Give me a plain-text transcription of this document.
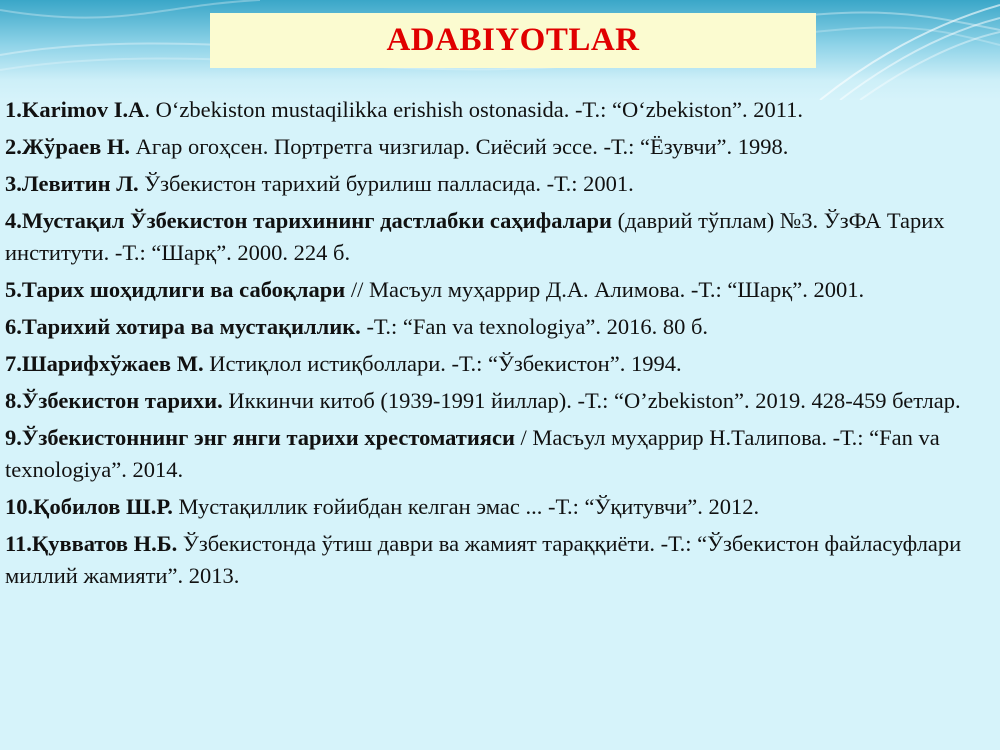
ADABIYOTLAR
1.Karimov I.A. O‘zbekiston mustaqilikka erishish ostonasida. -T.: “O‘zbekiston”. 2011.
2.Жўраев Н. Агар огоҳсен. Портретга чизгилар. Сиёсий эссе. -Т.: “Ёзувчи”. 1998.
3.Левитин Л. Ўзбекистон тарихий бурилиш палласида. -Т.: 2001.
4.Мустақил Ўзбекистон тарихининг дастлабки саҳифалари (даврий тўплам) №3. ЎзФА Тарих институти. -Т.: “Шарқ”. 2000. 224 б.
5.Тарих шоҳидлиги ва сабоқлари // Масъул муҳаррир Д.А. Алимова. -Т.: “Шарқ”. 2001.
6.Тарихий хотира ва мустақиллик. -Т.: “Fan va texnologiya”. 2016. 80 б.
7.Шарифхўжаев М. Истиқлол истиқболлари. -Т.: “Ўзбекистон”. 1994.
8.Ўзбекистон тарихи. Иккинчи китоб (1939-1991 йиллар). -Т.: “O’zbekiston”. 2019. 428-459 бетлар.
9.Ўзбекистоннинг энг янги тарихи хрестоматияси / Масъул муҳаррир Н.Талипова. -Т.: “Fan va texnologiya”. 2014.
10.Қобилов Ш.Р. Мустақиллик ғойибдан келган эмас ... -Т.: “Ўқитувчи”. 2012.
11.Қувватов Н.Б. Ўзбекистонда ўтиш даври ва жамият тараққиёти. -Т.: “Ўзбекистон файласуфлари миллий жамияти”. 2013.
